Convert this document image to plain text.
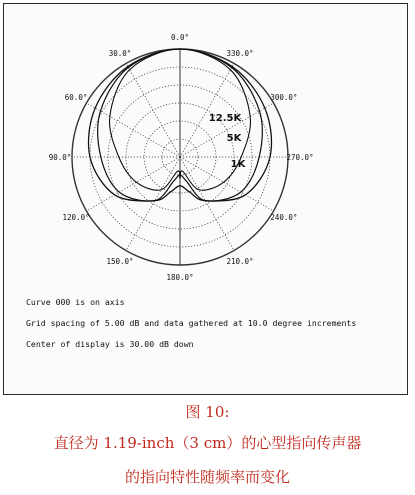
0.0°
30.0°
60.0°
90.0°
120.0°
150.0°
180.0°
210.0°
240.0°
270.0°
300.0°
330.0°
1K
5K
12.5K
Curve 000 is on axis
Grid spacing of 5.00 dB and data gathered at 10.0 degree increments
Center of display is 30.00 dB down
图 10:
直径为 1.19-inch（3 cm）的心型指向传声器
的指向特性随频率而变化
